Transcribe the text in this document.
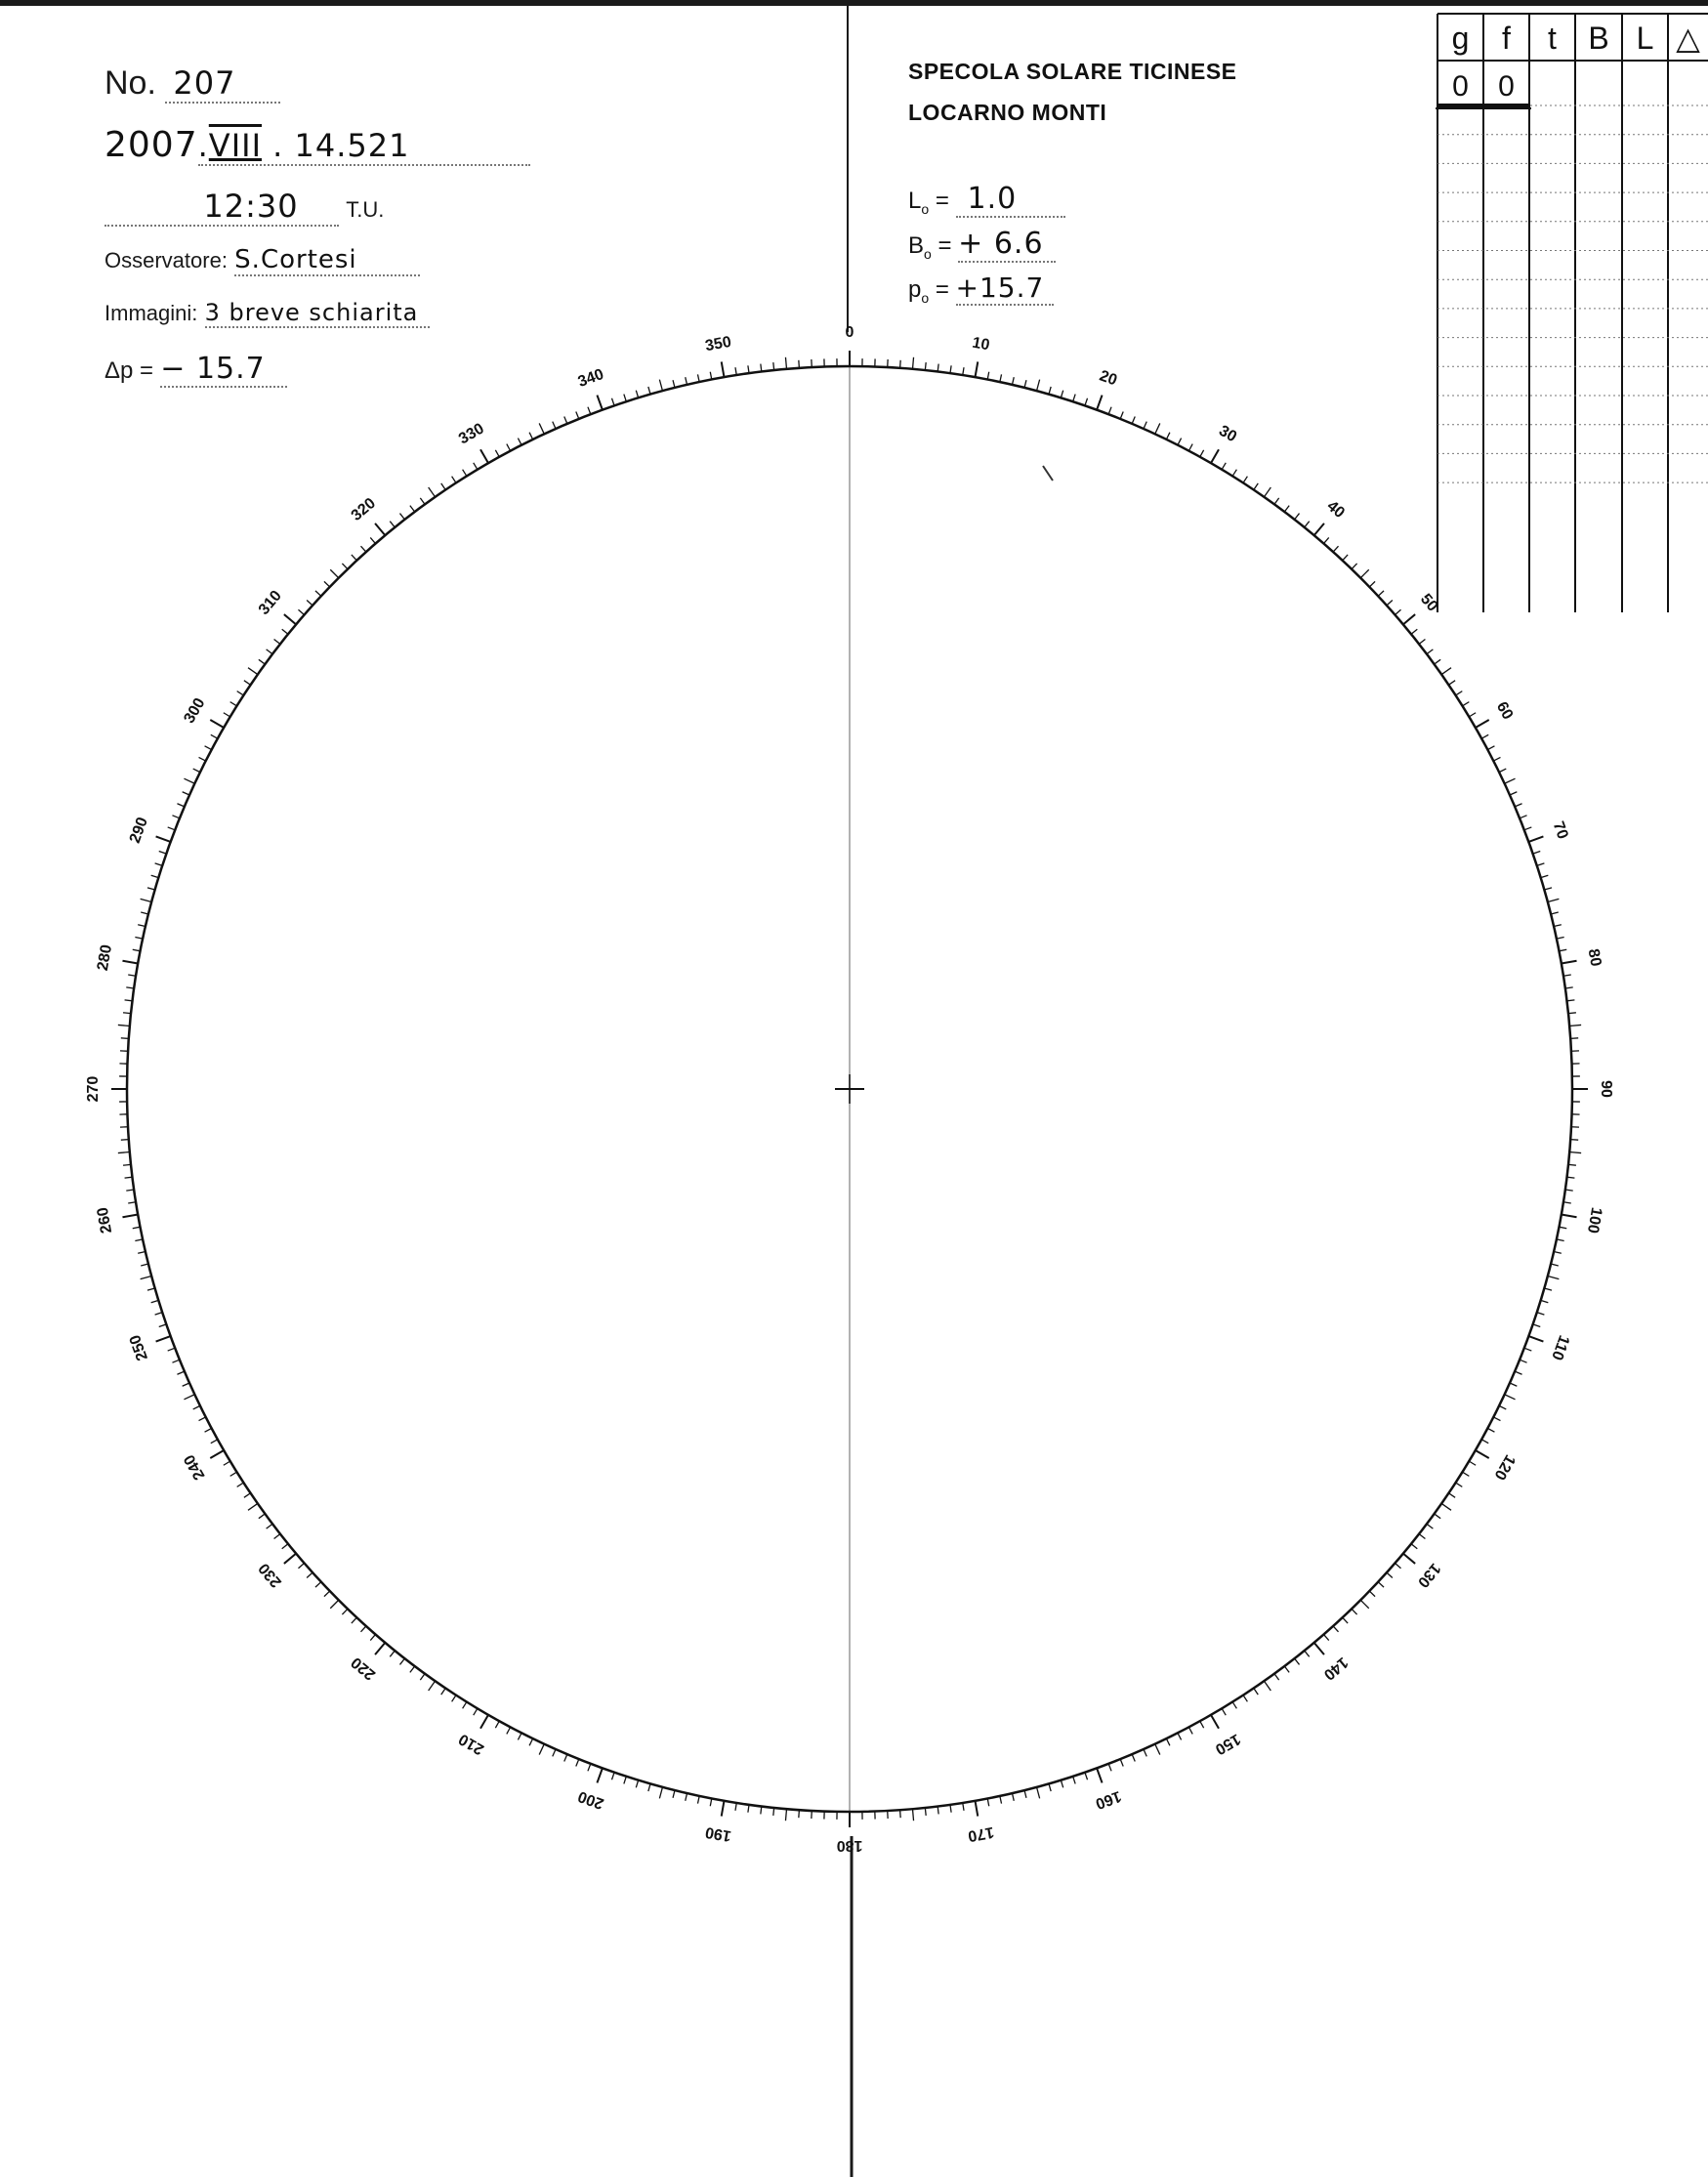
No. 207
2007.VIII . 14.521
12:30 T.U.
Osservatore: S.Cortesi
Immagini: 3 breve schiarita
Δp = − 15.7
SPECOLA SOLARE TICINESE
LOCARNO MONTI
$L_o = 1.0$
$B_o$ = + 6.6
$p_o = +15.7$
0
10
20
30
40
50
60
70
80
90
100
110
120
130
140
150
160
170
180
190
200
210
220
230
240
250
260
270
280
290
300
310
320
330
340
350
g f t B L △
0 0
